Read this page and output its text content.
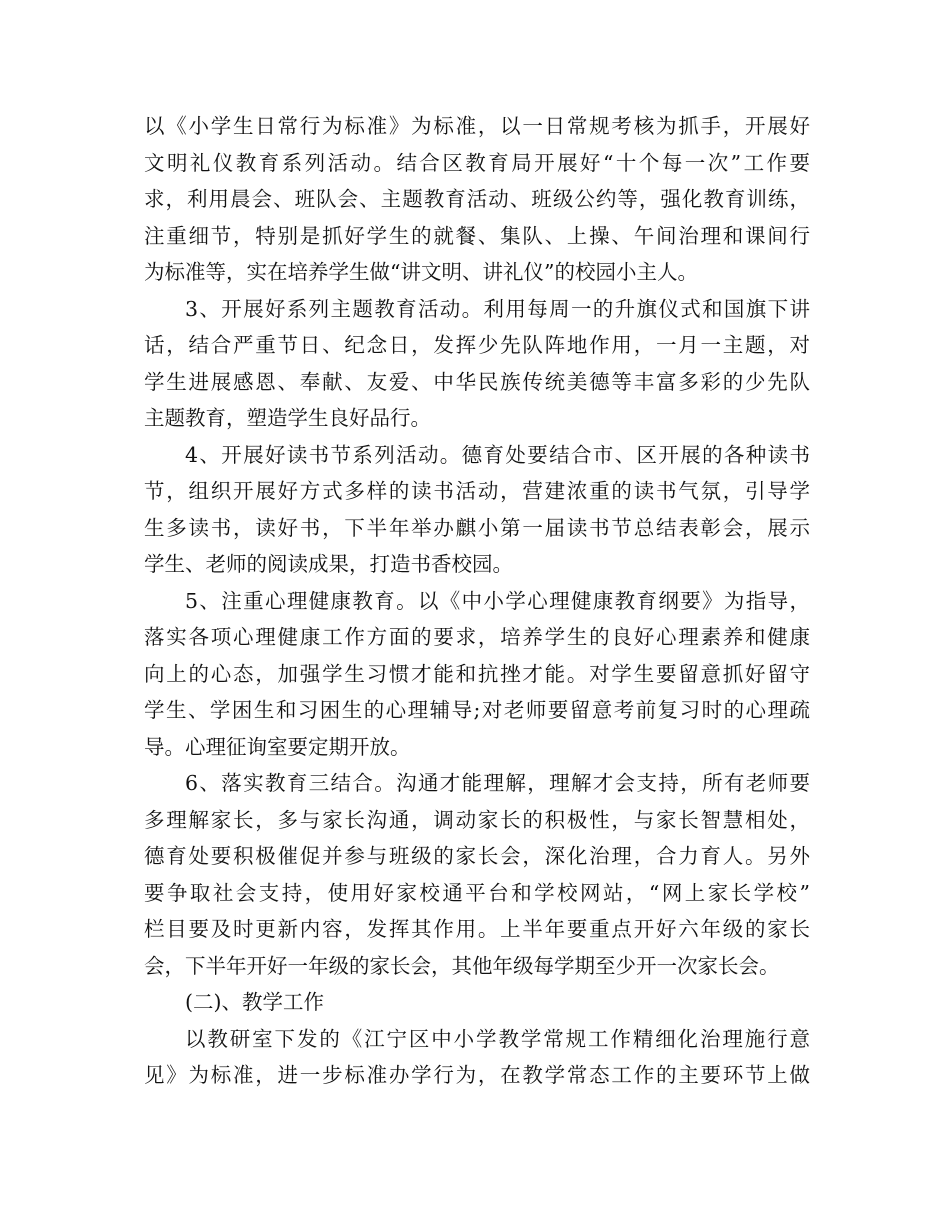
以《小学生日常行为标准》为标准，以一日常规考核为抓手，开展好
文明礼仪教育系列活动。结合区教育局开展好“十个每一次”工作要
求，利用晨会、班队会、主题教育活动、班级公约等，强化教育训练，
注重细节，特别是抓好学生的就餐、集队、上操、午间治理和课间行
为标准等，实在培养学生做“讲文明、讲礼仪”的校园小主人。
3、开展好系列主题教育活动。利用每周一的升旗仪式和国旗下讲
话，结合严重节日、纪念日，发挥少先队阵地作用，一月一主题，对
学生进展感恩、奉献、友爱、中华民族传统美德等丰富多彩的少先队
主题教育，塑造学生良好品行。
4、开展好读书节系列活动。德育处要结合市、区开展的各种读书
节，组织开展好方式多样的读书活动，营建浓重的读书气氛，引导学
生多读书，读好书，下半年举办麒小第一届读书节总结表彰会，展示
学生、老师的阅读成果，打造书香校园。
5、注重心理健康教育。以《中小学心理健康教育纲要》为指导，
落实各项心理健康工作方面的要求，培养学生的良好心理素养和健康
向上的心态，加强学生习惯才能和抗挫才能。对学生要留意抓好留守
学生、学困生和习困生的心理辅导;对老师要留意考前复习时的心理疏
导。心理征询室要定期开放。
6、落实教育三结合。沟通才能理解，理解才会支持，所有老师要
多理解家长，多与家长沟通，调动家长的积极性，与家长智慧相处，
德育处要积极催促并参与班级的家长会，深化治理，合力育人。另外
要争取社会支持，使用好家校通平台和学校网站，“网上家长学校”
栏目要及时更新内容，发挥其作用。上半年要重点开好六年级的家长
会，下半年开好一年级的家长会，其他年级每学期至少开一次家长会。
(二)、教学工作
以教研室下发的《江宁区中小学教学常规工作精细化治理施行意
见》为标准，进一步标准办学行为，在教学常态工作的主要环节上做
